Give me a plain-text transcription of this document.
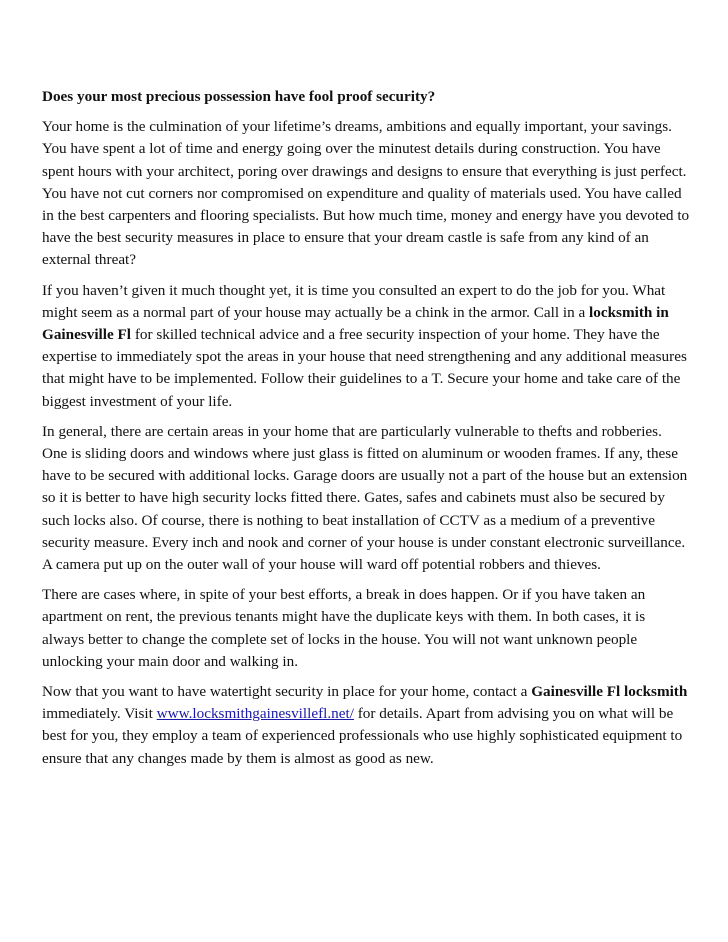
Does your most precious possession have fool proof security?

Your home is the culmination of your lifetime’s dreams, ambitions and equally important, your savings. You have spent a lot of time and energy going over the minutest details during construction. You have spent hours with your architect, poring over drawings and designs to ensure that everything is just perfect. You have not cut corners nor compromised on expenditure and quality of materials used. You have called in the best carpenters and flooring specialists. But how much time, money and energy have you devoted to have the best security measures in place to ensure that your dream castle is safe from any kind of an external threat?

If you haven’t given it much thought yet, it is time you consulted an expert to do the job for you. What might seem as a normal part of your house may actually be a chink in the armor. Call in a locksmith in Gainesville Fl for skilled technical advice and a free security inspection of your home. They have the expertise to immediately spot the areas in your house that need strengthening and any additional measures that might have to be implemented. Follow their guidelines to a T. Secure your home and take care of the biggest investment of your life.

In general, there are certain areas in your home that are particularly vulnerable to thefts and robberies. One is sliding doors and windows where just glass is fitted on aluminum or wooden frames. If any, these have to be secured with additional locks. Garage doors are usually not a part of the house but an extension so it is better to have high security locks fitted there. Gates, safes and cabinets must also be secured by such locks also. Of course, there is nothing to beat installation of CCTV as a medium of a preventive security measure. Every inch and nook and corner of your house is under constant electronic surveillance. A camera put up on the outer wall of your house will ward off potential robbers and thieves.

There are cases where, in spite of your best efforts, a break in does happen. Or if you have taken an apartment on rent, the previous tenants might have the duplicate keys with them. In both cases, it is always better to change the complete set of locks in the house. You will not want unknown people unlocking your main door and walking in.

Now that you want to have watertight security in place for your home, contact a Gainesville Fl locksmith immediately. Visit www.locksmithgainesvillefl.net/ for details. Apart from advising you on what will be best for you, they employ a team of experienced professionals who use highly sophisticated equipment to ensure that any changes made by them is almost as good as new.
